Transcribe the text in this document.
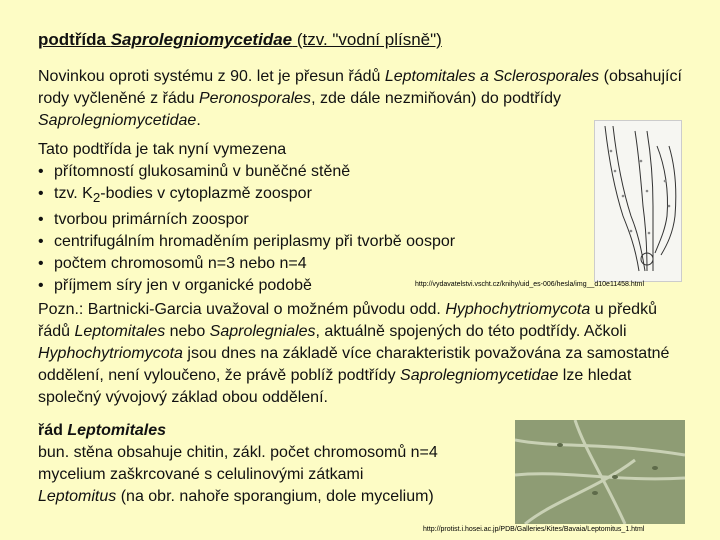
podtřída Saprolegniomycetidae (tzv. "vodní plísně")
Novinkou oproti systému z 90. let je přesun řádů Leptomitales a Sclerosporales (obsahující rody vyčleněné z řádu Peronosporales, zde dále nezmiňován) do podtřídy Saprolegniomycetidae.
Tato podtřída je tak nyní vymezena
• přítomností glukosaminů v buněčné stěně
• tzv. $K_2$-bodies v cytoplazmě zoospor
• tvorbou primárních zoospor
• centrifugálním hromaděním periplasmy při tvorbě oospor
• počtem chromosomů n=3 nebo n=4
• příjmem síry jen v organické podobě	http://vydavatelstvi.vscht.cz/knihy/uid_es-006/hesla/img__d10e11458.html
Pozn.: Bartnicki-Garcia uvažoval o možném původu odd. Hyphochytriomycota u předků řádů Leptomitales nebo Saprolegniales, aktuálně spojených do této podtřídy. Ačkoli Hyphochytriomycota jsou dnes na základě více charakteristik považována za samostatné oddělení, není vyloučeno, že právě poblíž podtřídy Saprolegniomycetidae lze hledat společný vývojový základ obou oddělení.
řád Leptomitales
bun. stěna obsahuje chitin, zákl. počet chromosomů n=4
mycelium zaškrcované s celulinovými zátkami
Leptomitus (na obr. nahoře sporangium, dole mycelium)
http://protist.i.hosei.ac.jp/PDB/Galleries/Kites/Bavaia/Leptomitus_1.html
